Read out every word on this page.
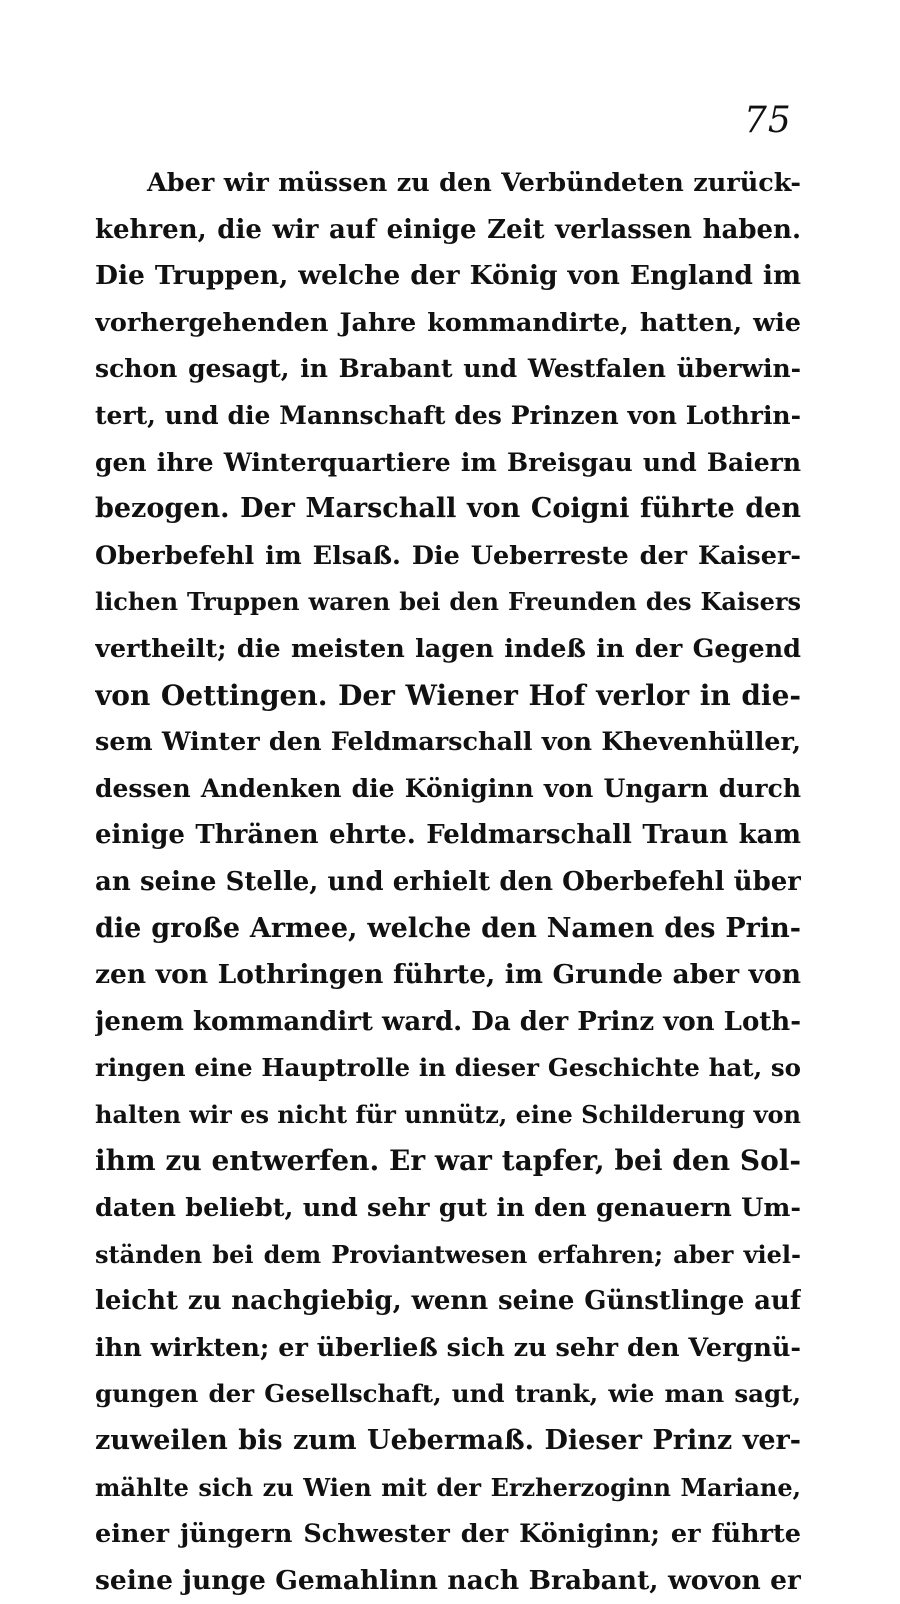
75
Aber wir müssen zu den Verbündeten zurück-
kehren, die wir auf einige Zeit verlassen haben.
Die Truppen, welche der König von England im
vorhergehenden Jahre kommandirte, hatten, wie
schon gesagt, in Brabant und Westfalen überwin-
tert, und die Mannschaft des Prinzen von Lothrin-
gen ihre Winterquartiere im Breisgau und Baiern
bezogen. Der Marschall von Coigni führte den
Oberbefehl im Elsaß. Die Ueberreste der Kaiser-
lichen Truppen waren bei den Freunden des Kaisers
vertheilt; die meisten lagen indeß in der Gegend
von Oettingen. Der Wiener Hof verlor in die-
sem Winter den Feldmarschall von Khevenhüller,
dessen Andenken die Königinn von Ungarn durch
einige Thränen ehrte. Feldmarschall Traun kam
an seine Stelle, und erhielt den Oberbefehl über
die große Armee, welche den Namen des Prin-
zen von Lothringen führte, im Grunde aber von
jenem kommandirt ward. Da der Prinz von Loth-
ringen eine Hauptrolle in dieser Geschichte hat, so
halten wir es nicht für unnütz, eine Schilderung von
ihm zu entwerfen. Er war tapfer, bei den Sol-
daten beliebt, und sehr gut in den genauern Um-
ständen bei dem Proviantwesen erfahren; aber viel-
leicht zu nachgiebig, wenn seine Günstlinge auf
ihn wirkten; er überließ sich zu sehr den Vergnü-
gungen der Gesellschaft, und trank, wie man sagt,
zuweilen bis zum Uebermaß. Dieser Prinz ver-
mählte sich zu Wien mit der Erzherzoginn Mariane,
einer jüngern Schwester der Königinn; er führte
seine junge Gemahlinn nach Brabant, wovon er
